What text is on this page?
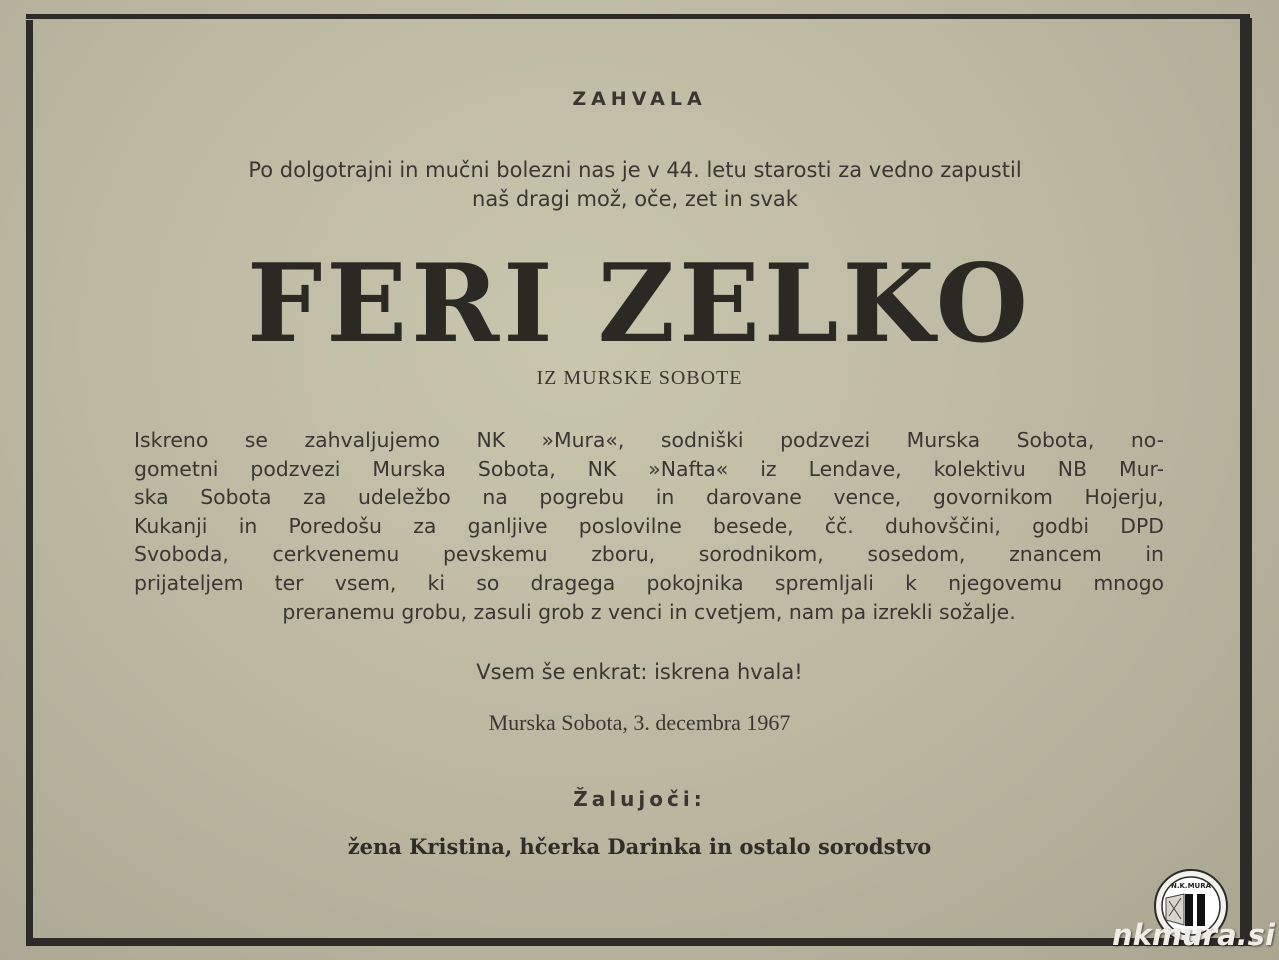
ZAHVALA
Po dolgotrajni in mučni bolezni nas je v 44. letu starosti za vedno zapustil
naš dragi mož, oče, zet in svak
FERI ZELKO
IZ MURSKE SOBOTE
Iskreno se zahvaljujemo NK »Mura«, sodniški podzvezi Murska Sobota, no-
gometni podzvezi Murska Sobota, NK »Nafta« iz Lendave, kolektivu NB Mur-
ska Sobota za udeležbo na pogrebu in darovane vence, govornikom Hojerju,
Kukanji in Poredošu za ganljive poslovilne besede, čč. duhovščini, godbi DPD
Svoboda, cerkvenemu pevskemu zboru, sorodnikom, sosedom, znancem in
prijateljem ter vsem, ki so dragega pokojnika spremljali k njegovemu mnogo
preranemu grobu, zasuli grob z venci in cvetjem, nam pa izrekli sožalje.
Vsem še enkrat: iskrena hvala!
Murska Sobota, 3. decembra 1967
Žalujoči:
žena Kristina, hčerka Darinka in ostalo sorodstvo
N.K.MURA
nkmura.si
